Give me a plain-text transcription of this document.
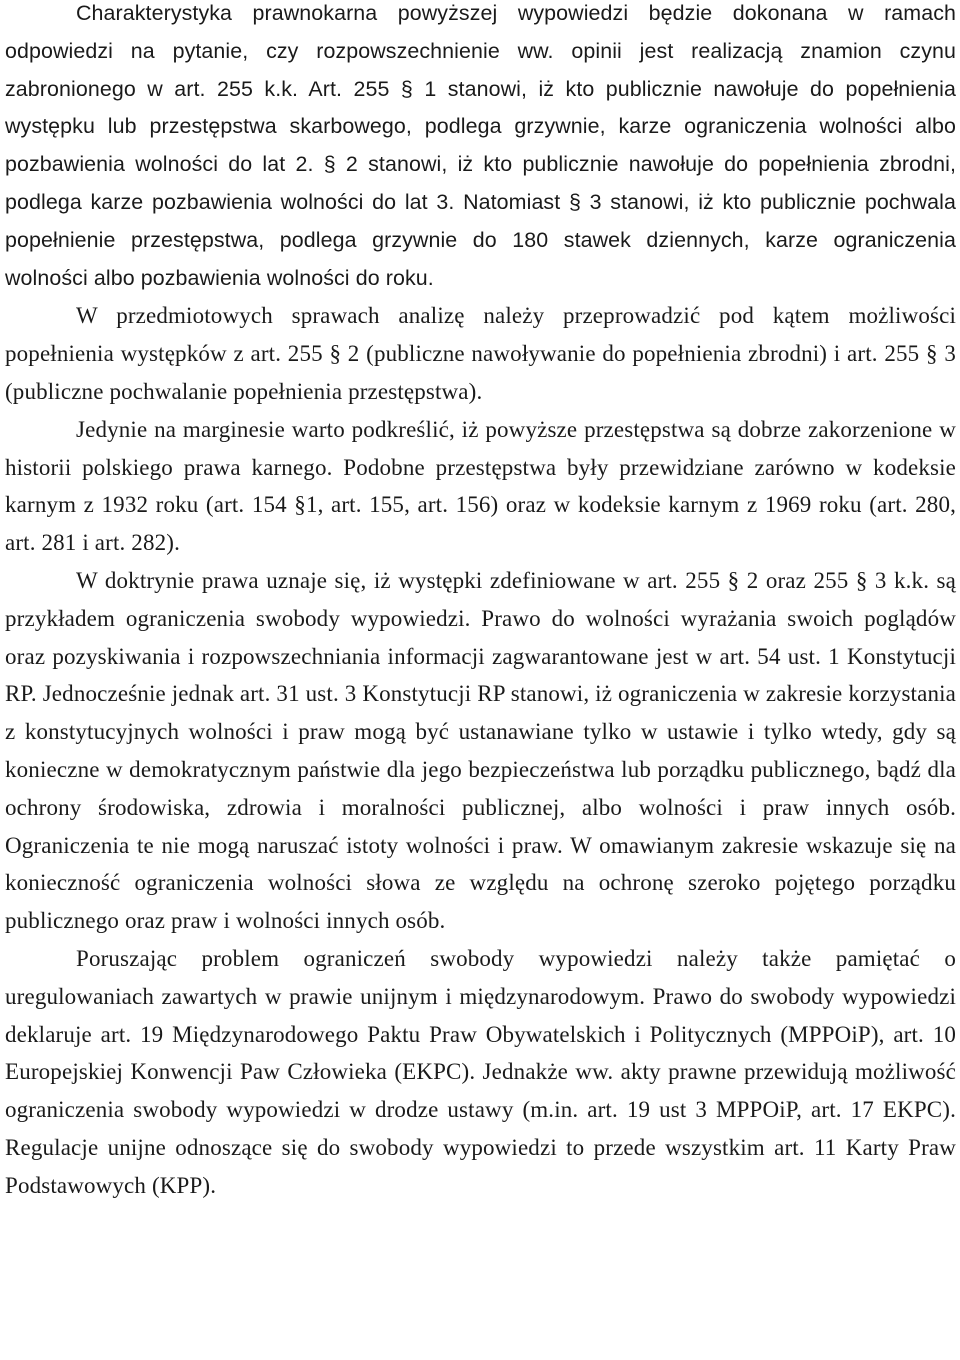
Charakterystyka prawnokarna powyższej wypowiedzi będzie dokonana w ramach odpowiedzi na pytanie, czy rozpowszechnienie ww. opinii jest realizacją znamion czynu zabronionego w art. 255 k.k. Art. 255 § 1 stanowi, iż kto publicznie nawołuje do popełnienia występku lub przestępstwa skarbowego, podlega grzywnie, karze ograniczenia wolności albo pozbawienia wolności do lat 2. § 2 stanowi, iż kto publicznie nawołuje do popełnienia zbrodni, podlega karze pozbawienia wolności do lat 3. Natomiast § 3 stanowi, iż kto publicznie pochwala popełnienie przestępstwa, podlega grzywnie do 180 stawek dziennych, karze ograniczenia wolności albo pozbawienia wolności do roku.

W przedmiotowych sprawach analizę należy przeprowadzić pod kątem możliwości popełnienia występków z art. 255 § 2 (publiczne nawoływanie do popełnienia zbrodni) i art. 255 § 3 (publiczne pochwalanie popełnienia przestępstwa).

Jedynie na marginesie warto podkreślić, iż powyższe przestępstwa są dobrze zakorzenione w historii polskiego prawa karnego. Podobne przestępstwa były przewidziane zarówno w kodeksie karnym z 1932 roku (art. 154 §1, art. 155, art. 156) oraz w kodeksie karnym z 1969 roku (art. 280, art. 281 i art. 282).

W doktrynie prawa uznaje się, iż występki zdefiniowane w art. 255 § 2 oraz 255 § 3 k.k. są przykładem ograniczenia swobody wypowiedzi. Prawo do wolności wyrażania swoich poglądów oraz pozyskiwania i rozpowszechniania informacji zagwarantowane jest w art. 54 ust. 1 Konstytucji RP. Jednocześnie jednak art. 31 ust. 3 Konstytucji RP stanowi, iż ograniczenia w zakresie korzystania z konstytucyjnych wolności i praw mogą być ustanawiane tylko w ustawie i tylko wtedy, gdy są konieczne w demokratycznym państwie dla jego bezpieczeństwa lub porządku publicznego, bądź dla ochrony środowiska, zdrowia i moralności publicznej, albo wolności i praw innych osób. Ograniczenia te nie mogą naruszać istoty wolności i praw. W omawianym zakresie wskazuje się na konieczność ograniczenia wolności słowa ze względu na ochronę szeroko pojętego porządku publicznego oraz praw i wolności innych osób.

Poruszając problem ograniczeń swobody wypowiedzi należy także pamiętać o uregulowaniach zawartych w prawie unijnym i międzynarodowym. Prawo do swobody wypowiedzi deklaruje art. 19 Międzynarodowego Paktu Praw Obywatelskich i Politycznych (MPPOiP), art. 10 Europejskiej Konwencji Paw Człowieka (EKPC). Jednakże ww. akty prawne przewidują możliwość ograniczenia swobody wypowiedzi w drodze ustawy (m.in. art. 19 ust 3 MPPOiP, art. 17 EKPC). Regulacje unijne odnoszące się do swobody wypowiedzi to przede wszystkim art. 11 Karty Praw Podstawowych (KPP).
